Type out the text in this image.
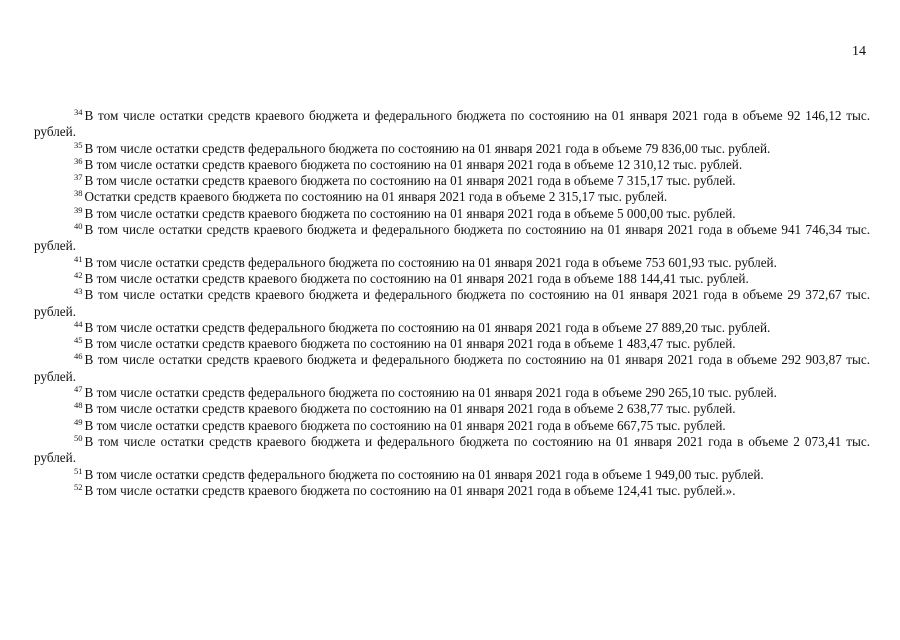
14

$^{34}$ В том числе остатки средств краевого бюджета и федерального бюджета по состоянию на 01 января 2021 года в объеме 92 146,12 тыс. рублей.

$^{35}$ В том числе остатки средств федерального бюджета по состоянию на 01 января 2021 года в объеме 79 836,00 тыс. рублей.

$^{36}$ В том числе остатки средств краевого бюджета по состоянию на 01 января 2021 года в объеме 12 310,12 тыс. рублей.

$^{37}$ В том числе остатки средств краевого бюджета по состоянию на 01 января 2021 года в объеме 7 315,17 тыс. рублей.

$^{38}$ Остатки средств краевого бюджета по состоянию на 01 января 2021 года в объеме 2 315,17 тыс. рублей.

$^{39}$ В том числе остатки средств краевого бюджета по состоянию на 01 января 2021 года в объеме 5 000,00 тыс. рублей.

$^{40}$ В том числе остатки средств краевого бюджета и федерального бюджета по состоянию на 01 января 2021 года в объеме 941 746,34 тыс. рублей.

$^{41}$ В том числе остатки средств федерального бюджета по состоянию на 01 января 2021 года в объеме 753 601,93 тыс. рублей.

$^{42}$ В том числе остатки средств краевого бюджета по состоянию на 01 января 2021 года в объеме 188 144,41 тыс. рублей.

$^{43}$ В том числе остатки средств краевого бюджета и федерального бюджета по состоянию на 01 января 2021 года в объеме 29 372,67 тыс. рублей.

$^{44}$ В том числе остатки средств федерального бюджета по состоянию на 01 января 2021 года в объеме 27 889,20 тыс. рублей.

$^{45}$ В том числе остатки средств краевого бюджета по состоянию на 01 января 2021 года в объеме 1 483,47 тыс. рублей.

$^{46}$ В том числе остатки средств краевого бюджета и федерального бюджета по состоянию на 01 января 2021 года в объеме 292 903,87 тыс. рублей.

$^{47}$ В том числе остатки средств федерального бюджета по состоянию на 01 января 2021 года в объеме 290 265,10 тыс. рублей.

$^{48}$ В том числе остатки средств краевого бюджета по состоянию на 01 января 2021 года в объеме 2 638,77 тыс. рублей.

$^{49}$ В том числе остатки средств краевого бюджета по состоянию на 01 января 2021 года в объеме 667,75 тыс. рублей.

$^{50}$ В том числе остатки средств краевого бюджета и федерального бюджета по состоянию на 01 января 2021 года в объеме 2 073,41 тыс. рублей.

$^{51}$ В том числе остатки средств федерального бюджета по состоянию на 01 января 2021 года в объеме 1 949,00 тыс. рублей.

$^{52}$ В том числе остатки средств краевого бюджета по состоянию на 01 января 2021 года в объеме 124,41 тыс. рублей.».
